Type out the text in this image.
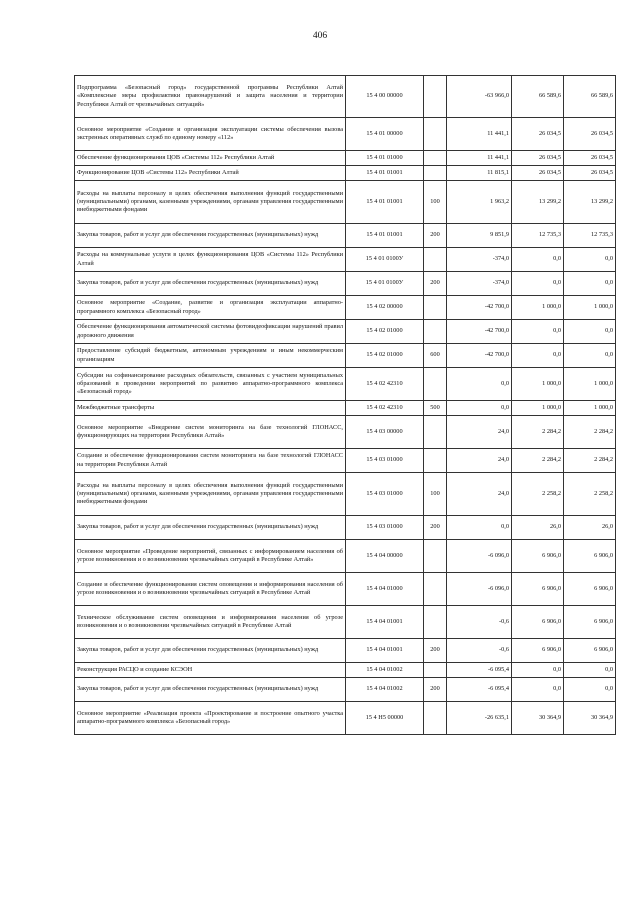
406
Подпрограмма «Безопасный город» государственной программы Республики Алтай «Комплексные меры профилактики правонарушений и защита населения и территории Республики Алтай от чрезвычайных ситуаций»	15 4 00 00000		-63 966,0	66 589,6	66 589,6
Основное мероприятие «Создание и организация эксплуатации системы обеспечения вызова экстренных оперативных служб по единому номеру «112»	15 4 01 00000		11 441,1	26 034,5	26 034,5
Обеспечение функционирования ЦОВ «Системы 112» Республики Алтай	15 4 01 01000		11 441,1	26 034,5	26 034,5
Функционирование ЦОВ «Системы 112» Республики Алтай	15 4 01 01001		11 815,1	26 034,5	26 034,5
Расходы на выплаты персоналу в целях обеспечения выполнения функций государственными (муниципальными) органами, казенными учреждениями, органами управления государственными внебюджетными фондами	15 4 01 01001	100	1 963,2	13 299,2	13 299,2
Закупка товаров, работ и услуг для обеспечения государственных (муниципальных) нужд	15 4 01 01001	200	9 851,9	12 735,3	12 735,3
Расходы на коммунальные услуги в целях функционирования ЦОВ «Системы 112» Республики Алтай	15 4 01 0100У		-374,0	0,0	0,0
Закупка товаров, работ и услуг для обеспечения государственных (муниципальных) нужд	15 4 01 0100У	200	-374,0	0,0	0,0
Основное мероприятие «Создание, развитие и организация эксплуатации аппаратно-программного комплекса «Безопасный город»	15 4 02 00000		-42 700,0	1 000,0	1 000,0
Обеспечение функционирования автоматической системы фотовидеофиксации нарушений правил дорожного движения	15 4 02 01000		-42 700,0	0,0	0,0
Предоставление субсидий бюджетным, автономным учреждениям и иным некоммерческим организациям	15 4 02 01000	600	-42 700,0	0,0	0,0
Субсидии на софинансирование расходных обязательств, связанных с участием муниципальных образований в проведении мероприятий по развитию аппаратно-программного комплекса «Безопасный город»	15 4 02 42310		0,0	1 000,0	1 000,0
Межбюджетные трансферты	15 4 02 42310	500	0,0	1 000,0	1 000,0
Основное мероприятие «Внедрение систем мониторинга на базе технологий ГЛОНАСС, функционирующих на территории Республики Алтай»	15 4 03 00000		24,0	2 284,2	2 284,2
Создание и обеспечение функционирования систем мониторинга на базе технологий ГЛОНАСС на территории Республики Алтай	15 4 03 01000		24,0	2 284,2	2 284,2
Расходы на выплаты персоналу в целях обеспечения выполнения функций государственными (муниципальными) органами, казенными учреждениями, органами управления государственными внебюджетными фондами	15 4 03 01000	100	24,0	2 258,2	2 258,2
Закупка товаров, работ и услуг для обеспечения государственных (муниципальных) нужд	15 4 03 01000	200	0,0	26,0	26,0
Основное мероприятие «Проведение мероприятий, связанных с информированием населения об угрозе возникновения и о возникновении чрезвычайных ситуаций в Республике Алтай»	15 4 04 00000		-6 096,0	6 906,0	6 906,0
Создание и обеспечение функционирования систем оповещения и информирования населения об угрозе возникновения и о возникновении чрезвычайных ситуаций в Республике Алтай	15 4 04 01000		-6 096,0	6 906,0	6 906,0
Техническое обслуживание систем оповещения и информирования населения об угрозе возникновения и о возникновении чрезвычайных ситуаций в Республике Алтай	15 4 04 01001		-0,6	6 906,0	6 906,0
Закупка товаров, работ и услуг для обеспечения государственных (муниципальных) нужд	15 4 04 01001	200	-0,6	6 906,0	6 906,0
Реконструкция РАСЦО и создание КСЭОН	15 4 04 01002		-6 095,4	0,0	0,0
Закупка товаров, работ и услуг для обеспечения государственных (муниципальных) нужд	15 4 04 01002	200	-6 095,4	0,0	0,0
Основное мероприятие «Реализация проекта «Проектирование и построение опытного участка аппаратно-программного комплекса «Безопасный город»	15 4 Н5 00000		-26 635,1	30 364,9	30 364,9
